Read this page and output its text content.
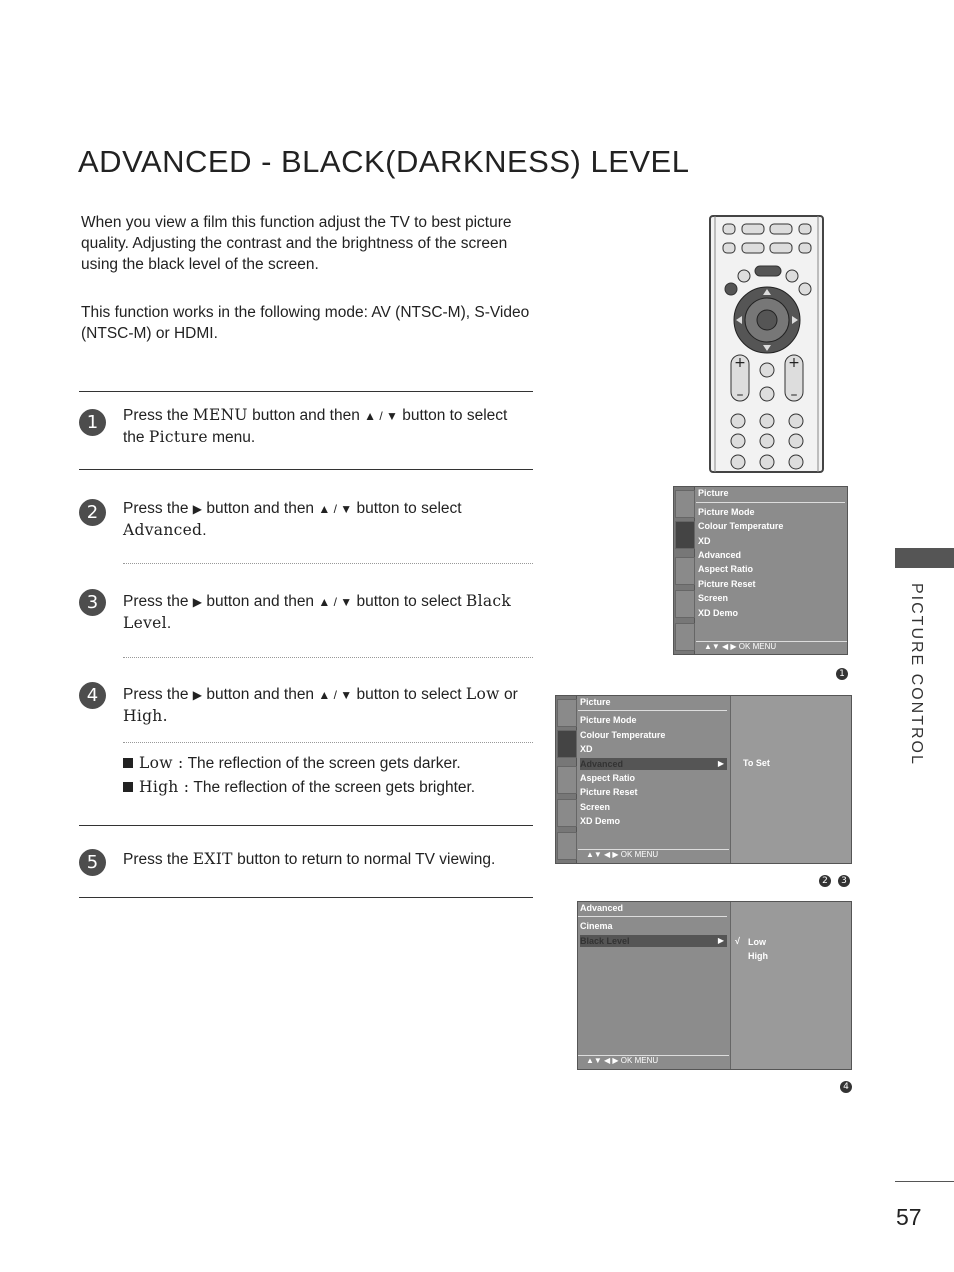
ADVANCED - BLACK(DARKNESS) LEVEL

When you view a film this function adjust the TV to best picture quality. Adjusting the contrast and the brightness of the screen using the black level of the screen.

This function works in the following mode: AV (NTSC-M), S-Video (NTSC-M) or HDMI.

1	Press the MENU button and then ▲ / ▼ button to select the Picture menu.
2	Press the ▶ button and then ▲ / ▼ button to select Advanced.
3	Press the ▶ button and then ▲ / ▼ button to select Black Level.
4	Press the ▶ button and then ▲ / ▼ button to select Low or High.
Low : The reflection of the screen gets darker.
High : The reflection of the screen gets brighter.
5	Press the EXIT button to return to normal TV viewing.
PICTURE CONTROL
57
+
–
+
–
Picture
Picture Mode
Colour Temperature
XD
Advanced
Aspect Ratio
Picture Reset
Screen
XD Demo
▲▼ ◀ ▶ OK MENU
1
Picture
Picture Mode
Colour Temperature
XD
Advanced	▶
Aspect Ratio
Picture Reset
Screen
XD Demo
▲▼ ◀ ▶ OK MENU
To Set
2	3
Advanced
Cinema
Black Level	▶
▲▼ ◀ ▶ OK MENU
√ Low
High
4
